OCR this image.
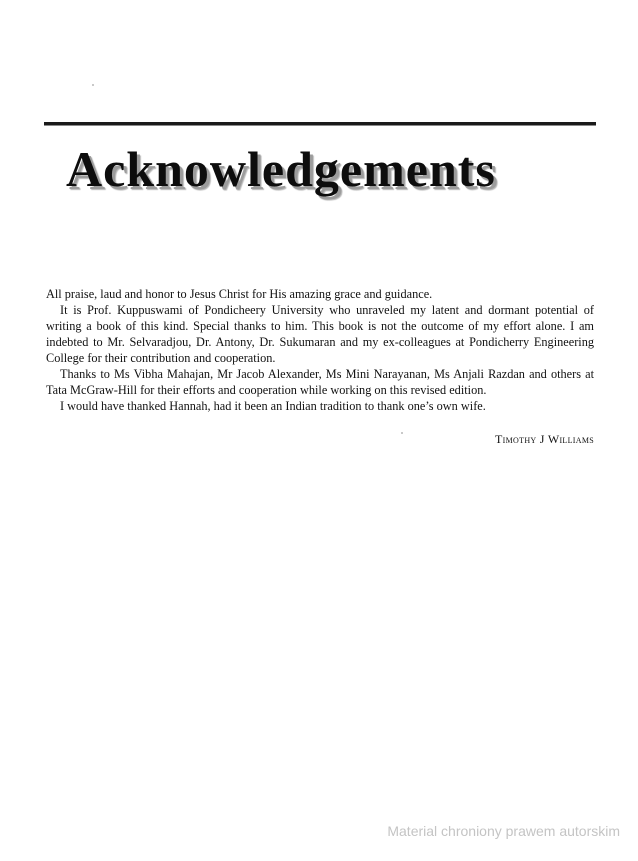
Acknowledgements

All praise, laud and honor to Jesus Christ for His amazing grace and guidance.

It is Prof. Kuppuswami of Pondicheery University who unraveled my latent and dormant potential of writing a book of this kind. Special thanks to him. This book is not the outcome of my effort alone. I am indebted to Mr. Selvaradjou, Dr. Antony, Dr. Sukumaran and my ex-colleagues at Pondicherry Engineering College for their contribution and cooperation.

Thanks to Ms Vibha Mahajan, Mr Jacob Alexander, Ms Mini Narayanan, Ms Anjali Razdan and others at Tata McGraw-Hill for their efforts and cooperation while working on this revised edition.

I would have thanked Hannah, had it been an Indian tradition to thank one’s own wife.

Timothy J Williams
Material chroniony prawem autorskim
